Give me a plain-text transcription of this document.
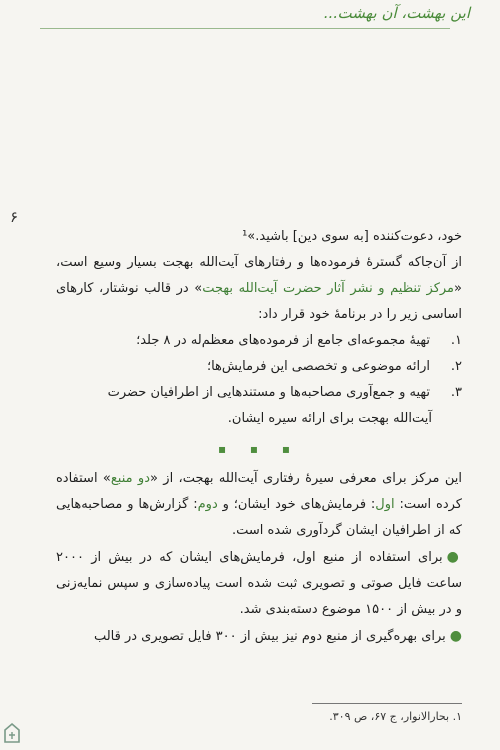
این بهشت، آن بهشت...
۶

خود، دعوت‌کننده [به‌ سوی دین] باشید.»¹

از آن‌جاکه گسترهٔ فرموده‌ها و رفتارهای آیت‌الله بهجت بسیار وسیع است، «مرکز تنظیم و نشر آثار حضرت آیت‌الله بهجت» در قالب نوشتار، کارهای اساسی زیر را در برنامهٔ خود قرار داد:

۱.
تهیهٔ مجموعه‌ای جامع از فرموده‌های معظم‌له در ۸ جلد؛

۲.
ارائه موضوعی و تخصصی این فرمایش‌ها؛

۳.
تهیه و جمع‌آوری مصاحبه‌ها و مستندهایی از اطرافیان حضرت

آیت‌الله بهجت برای ارائه سیره ایشان.

▪ ▪ ▪

این مرکز برای معرفی سیرهٔ رفتاری آیت‌الله بهجت، از «دو منبع» استفاده کرده است: اول: فرمایش‌های خود ایشان؛ و دوم: گزارش‌ها و مصاحبه‌هایی که از اطرافیان ایشان گردآوری شده است.

●برای استفاده از منبع اول، فرمایش‌های ایشان که در بیش از ۲۰۰۰ ساعت فایل صوتی و تصویری ثبت شده است پیاده‌سازی و سپس نمایه‌زنی و در بیش از ۱۵۰۰ موضوع دسته‌بندی شد.

●برای بهره‌گیری از منبع دوم نیز بیش از ۳۰۰ فایل تصویری در قالب

۱. بحارالانوار، ج ۶۷، ص ۳۰۹.
